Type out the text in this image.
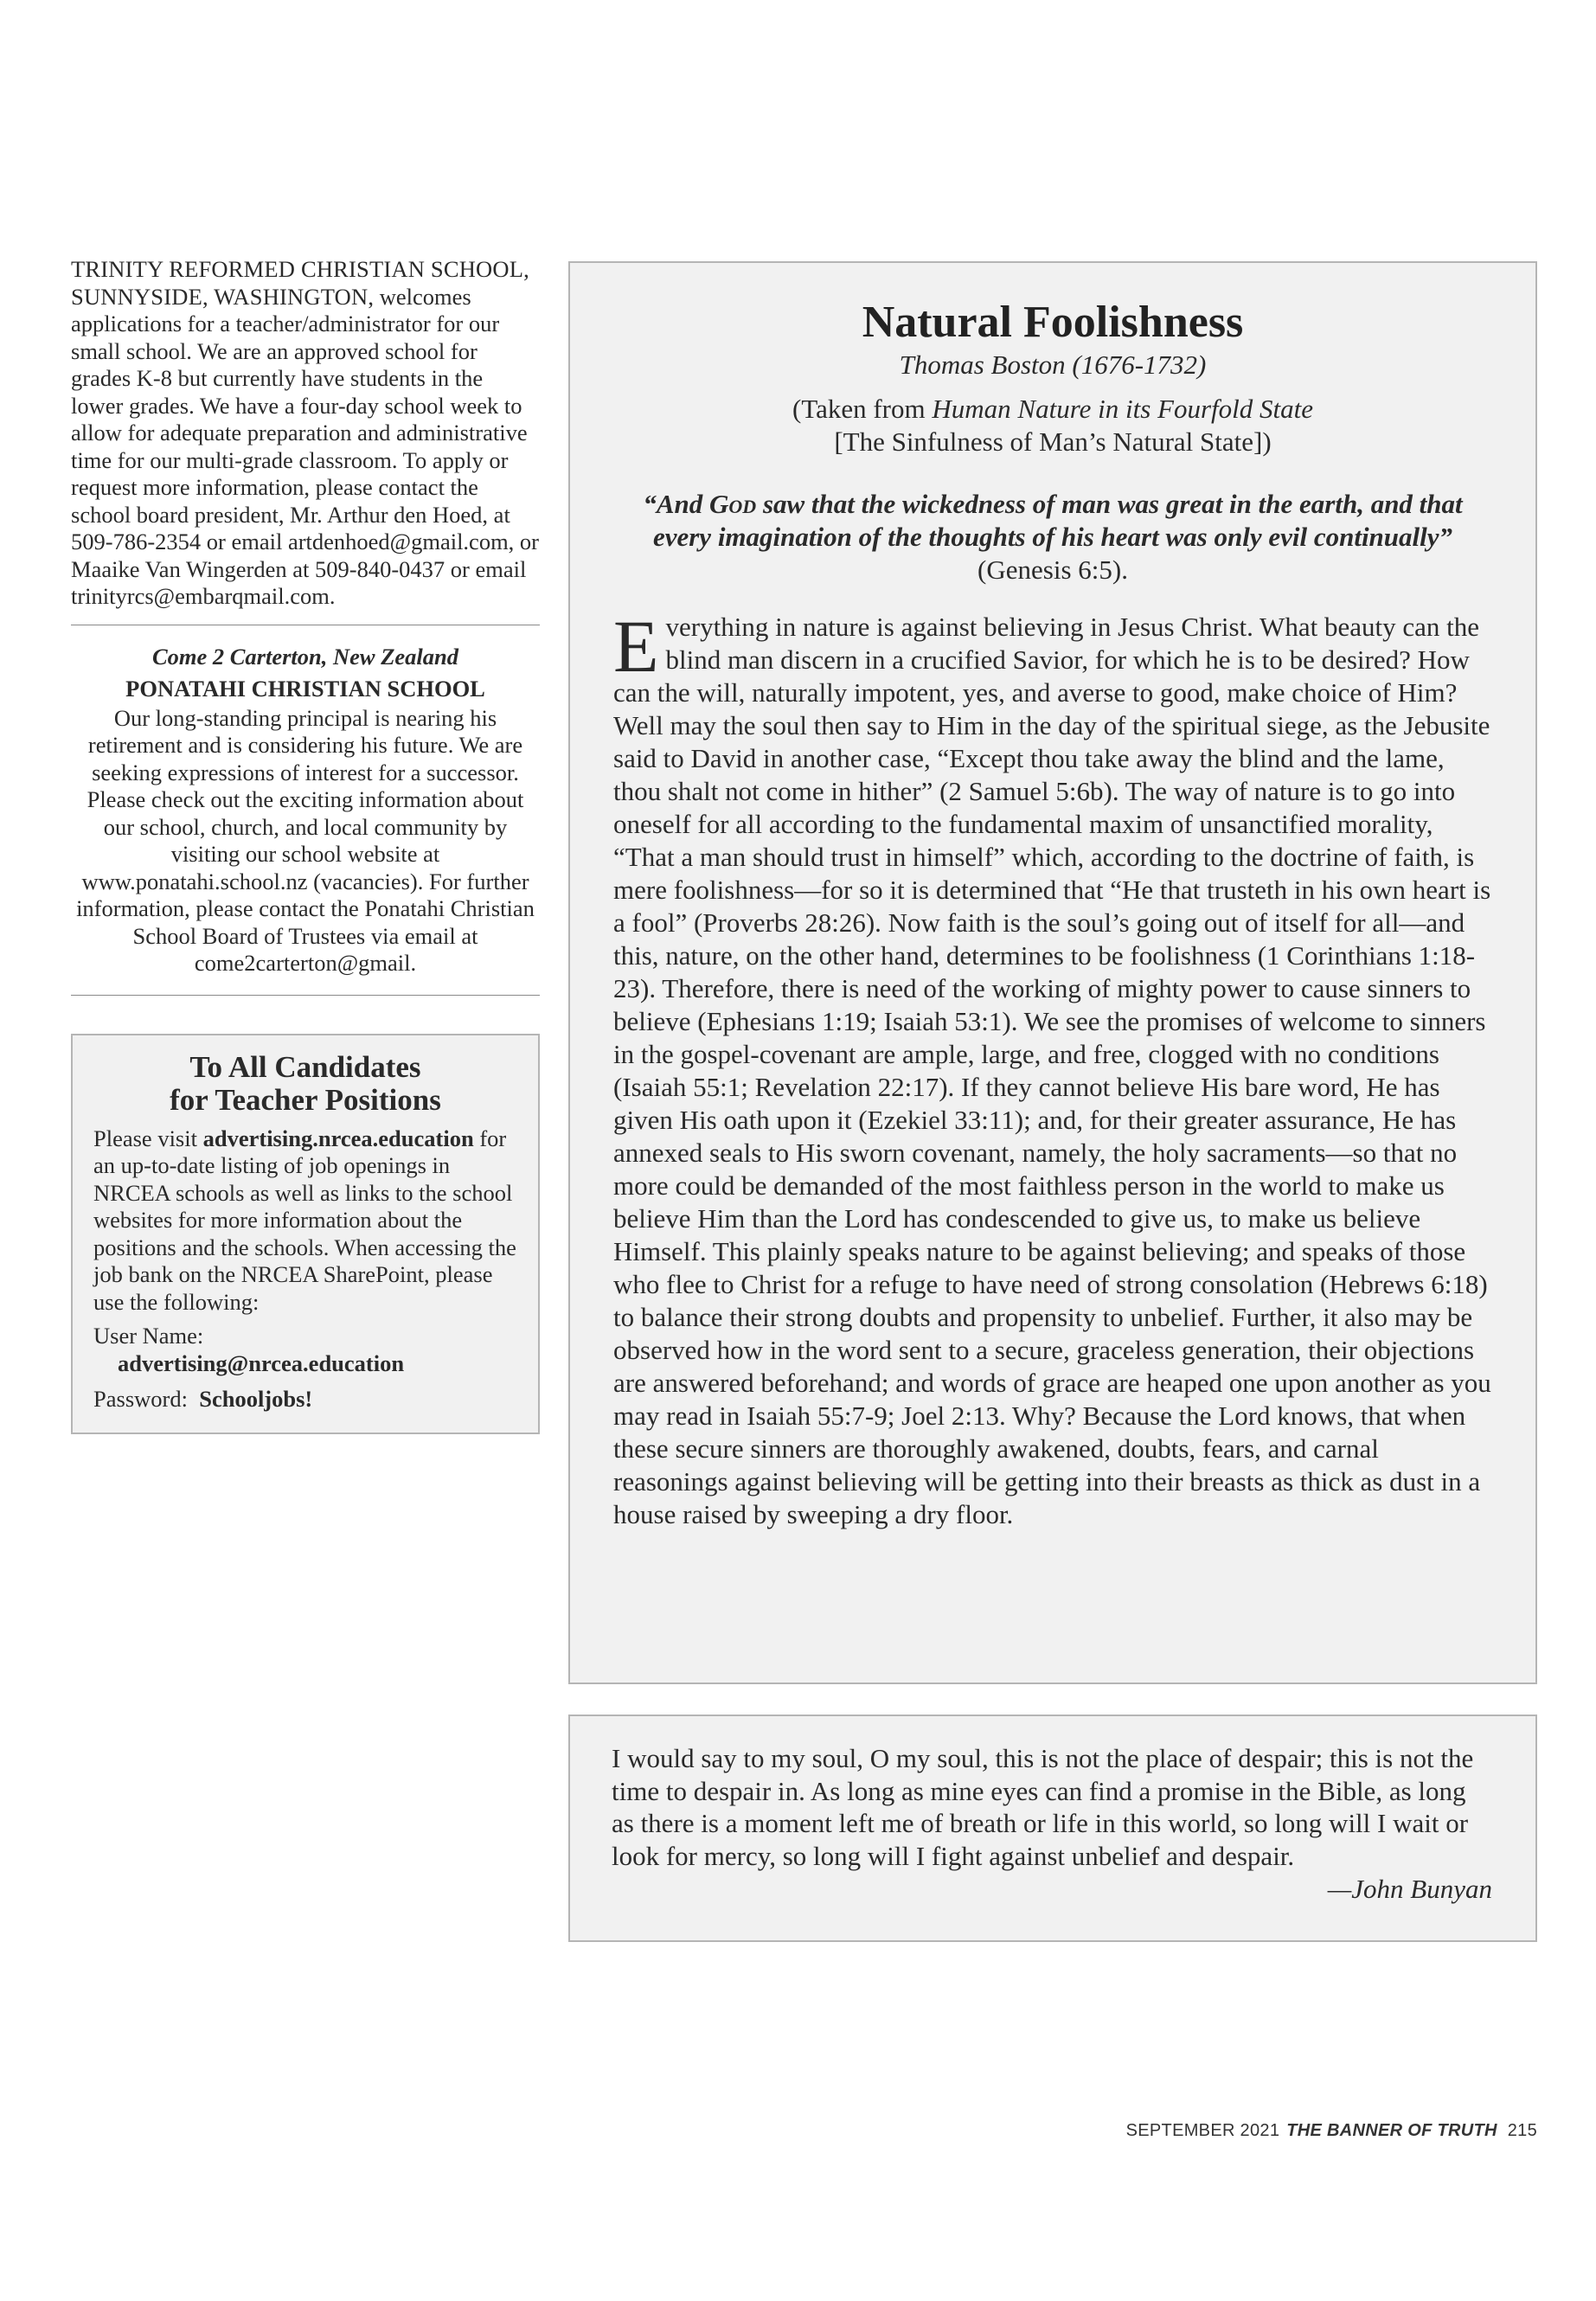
TRINITY REFORMED CHRISTIAN SCHOOL, SUNNYSIDE, WASHINGTON, welcomes applications for a teacher/administrator for our small school. We are an approved school for grades K-8 but currently have students in the lower grades. We have a four-day school week to allow for adequate preparation and administrative time for our multi-grade classroom. To apply or request more information, please contact the school board president, Mr. Arthur den Hoed, at 509-786-2354 or email artdenhoed@gmail.com, or Maaike Van Wingerden at 509-840-0437 or email trinityrcs@embarqmail.com.

Come 2 Carterton, New Zealand
PONATAHI CHRISTIAN SCHOOL
Our long-standing principal is nearing his retirement and is considering his future. We are seeking expressions of interest for a successor. Please check out the exciting information about our school, church, and local community by visiting our school website at www.ponatahi.school.nz (vacancies). For further information, please contact the Ponatahi Christian School Board of Trustees via email at come2carterton@gmail.
To All Candidates
for Teacher Positions
Please visit advertising.nrcea.education for an up-to-date listing of job openings in NRCEA schools as well as links to the school websites for more information about the positions and the schools. When accessing the job bank on the NRCEA SharePoint, please use the following:
User Name:
advertising@nrcea.education
Password: Schooljobs!
Natural Foolishness

Thomas Boston (1676-1732)

(Taken from Human Nature in its Fourfold State
[The Sinfulness of Man’s Natural State])

“And God saw that the wickedness of man was great in the earth, and that every imagination of the thoughts of his heart was only evil continually” (Genesis 6:5).

Everything in nature is against believing in Jesus Christ. What beauty can the blind man discern in a crucified Savior, for which he is to be desired? How can the will, naturally impotent, yes, and averse to good, make choice of Him? Well may the soul then say to Him in the day of the spiritual siege, as the Jebusite said to David in another case, “Except thou take away the blind and the lame, thou shalt not come in hither” (2 Samuel 5:6b). The way of nature is to go into oneself for all according to the fundamental maxim of unsanctified morality, “That a man should trust in himself” which, according to the doctrine of faith, is mere foolishness—for so it is determined that “He that trusteth in his own heart is a fool” (Proverbs 28:26). Now faith is the soul’s going out of itself for all—and this, nature, on the other hand, determines to be foolishness (1 Corinthians 1:18-23). Therefore, there is need of the working of mighty power to cause sinners to believe (Ephesians 1:19; Isaiah 53:1). We see the promises of welcome to sinners in the gospel-covenant are ample, large, and free, clogged with no conditions (Isaiah 55:1; Revelation 22:17). If they cannot believe His bare word, He has given His oath upon it (Ezekiel 33:11); and, for their greater assurance, He has annexed seals to His sworn covenant, namely, the holy sacraments—so that no more could be demanded of the most faithless person in the world to make us believe Him than the Lord has condescended to give us, to make us believe Himself. This plainly speaks nature to be against believing; and speaks of those who flee to Christ for a refuge to have need of strong consolation (Hebrews 6:18) to balance their strong doubts and propensity to unbelief. Further, it also may be observed how in the word sent to a secure, graceless generation, their objections are answered beforehand; and words of grace are heaped one upon another as you may read in Isaiah 55:7-9; Joel 2:13. Why? Because the Lord knows, that when these secure sinners are thoroughly awakened, doubts, fears, and carnal reasonings against believing will be getting into their breasts as thick as dust in a house raised by sweeping a dry floor.

I would say to my soul, O my soul, this is not the place of despair; this is not the time to despair in. As long as mine eyes can find a promise in the Bible, as long as there is a moment left me of breath or life in this world, so long will I wait or look for mercy, so long will I fight against unbelief and despair.

—John Bunyan
SEPTEMBER 2021 THE BANNER OF TRUTH 215
